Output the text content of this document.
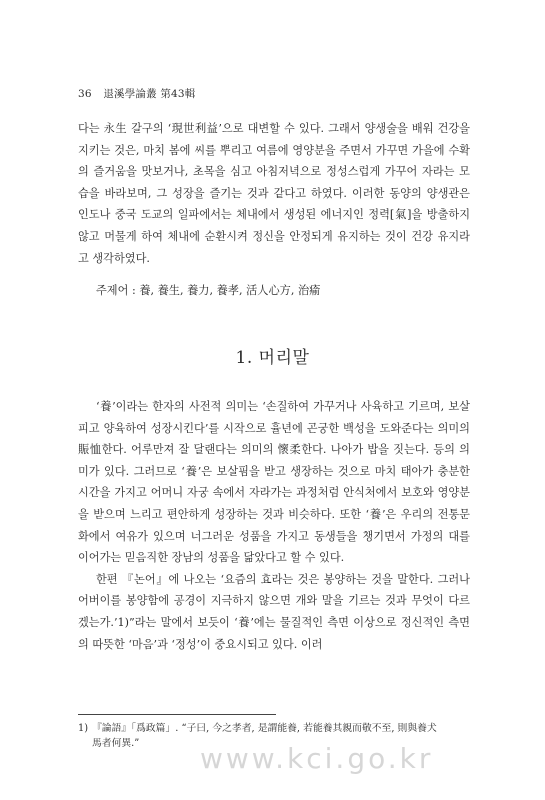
36 退溪學論叢 第43輯
다는 永生 갈구의 ‘現世利益’으로 대변할 수 있다. 그래서 양생술을 배워 건강을 지키는 것은, 마치 봄에 씨를 뿌리고 여름에 영양분을 주면서 가꾸면 가을에 수확의 즐거움을 맛보거나, 초목을 심고 아침저녁으로 정성스럽게 가꾸어 자라는 모습을 바라보며, 그 성장을 즐기는 것과 같다고 하였다. 이러한 동양의 양생관은 인도나 중국 도교의 일파에서는 체내에서 생성된 에너지인 정력[氣]을 방출하지 않고 머물게 하여 체내에 순환시켜 정신을 안정되게 유지하는 것이 건강 유지라고 생각하였다.
주제어 : 養, 養生, 養力, 養孝, 活人心方, 治瘉
1. 머리말

‘養’이라는 한자의 사전적 의미는 ‘손질하여 가꾸거나 사육하고 기르며, 보살피고 양육하여 성장시킨다’를 시작으로 휼년에 곤궁한 백성을 도와준다는 의미의 賑恤한다. 어루만져 잘 달랜다는 의미의 懷柔한다. 나아가 밥을 짓는다. 등의 의미가 있다. 그러므로 ‘養’은 보살핌을 받고 생장하는 것으로 마치 태아가 충분한 시간을 가지고 어머니 자궁 속에서 자라가는 과정처럼 안식처에서 보호와 영양분을 받으며 느리고 편안하게 성장하는 것과 비슷하다. 또한 ‘養’은 우리의 전통문화에서 여유가 있으며 너그러운 성품을 가지고 동생들을 챙기면서 가정의 대를 이어가는 믿음직한 장남의 성품을 닮았다고 할 수 있다.

한편 『논어』에 나오는 ‘요즘의 효라는 것은 봉양하는 것을 말한다. 그러나 어버이를 봉양함에 공경이 지극하지 않으면 개와 말을 기르는 것과 무엇이 다르겠는가.’1)”라는 말에서 보듯이 ‘養’에는 물질적인 측면 이상으로 정신적인 측면의 따뜻한 ‘마음’과 ‘정성’이 중요시되고 있다. 이러

1) 『論語』「爲政篇」. “子曰, 今之孝者, 是謂能養, 若能養其親而敬不至, 則與養犬
馬者何異.”	www.kci.go.kr
